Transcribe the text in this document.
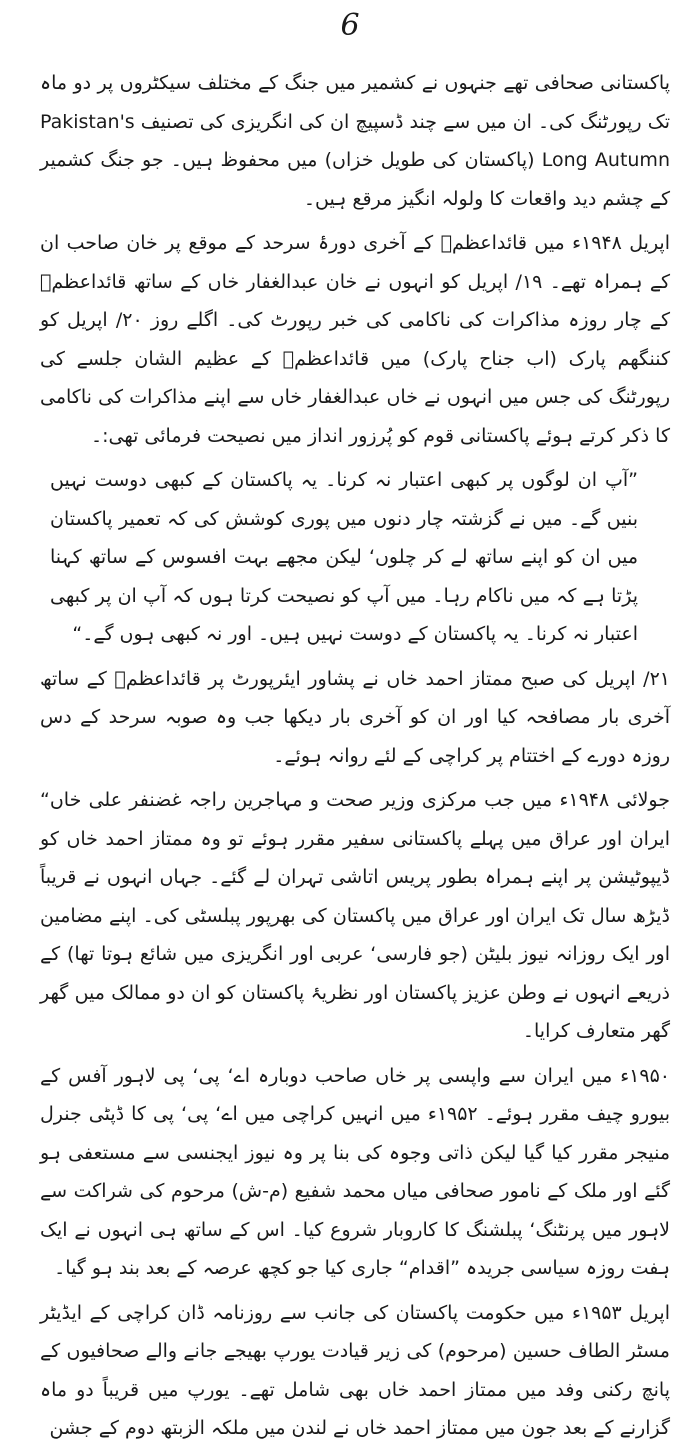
6

پاکستانی صحافی تھے جنہوں نے کشمیر میں جنگ کے مختلف سیکٹروں پر دو ماہ تک رپورٹنگ کی۔ ان میں سے چند ڈسپیچ ان کی انگریزی کی تصنیف Pakistan's Long Autumn (پاکستان کی طویل خزاں) میں محفوظ ہیں۔ جو جنگ کشمیر کے چشم دید واقعات کا ولولہ انگیز مرقع ہیں۔

اپریل ۱۹۴۸ء میں قائداعظمؒ کے آخری دورۂ سرحد کے موقع پر خان صاحب ان کے ہمراہ تھے۔ ۱۹/ اپریل کو انہوں نے خان عبدالغفار خاں کے ساتھ قائداعظمؒ کے چار روزہ مذاکرات کی ناکامی کی خبر رپورٹ کی۔ اگلے روز ۲۰/ اپریل کو کننگھم پارک (اب جناح پارک) میں قائداعظمؒ کے عظیم الشان جلسے کی رپورٹنگ کی جس میں انہوں نے خاں عبدالغفار خاں سے اپنے مذاکرات کی ناکامی کا ذکر کرتے ہوئے پاکستانی قوم کو پُرزور انداز میں نصیحت فرمائی تھی:۔

”آپ ان لوگوں پر کبھی اعتبار نہ کرنا۔ یہ پاکستان کے کبھی دوست نہیں بنیں گے۔ میں نے گزشتہ چار دنوں میں پوری کوشش کی کہ تعمیر پاکستان میں ان کو اپنے ساتھ لے کر چلوں‘ لیکن مجھے بہت افسوس کے ساتھ کہنا پڑتا ہے کہ میں ناکام رہا۔ میں آپ کو نصیحت کرتا ہوں کہ آپ ان پر کبھی اعتبار نہ کرنا۔ یہ پاکستان کے دوست نہیں ہیں۔ اور نہ کبھی ہوں گے۔“

۲۱/ اپریل کی صبح ممتاز احمد خاں نے پشاور ایئرپورٹ پر قائداعظمؒ کے ساتھ آخری بار مصافحہ کیا اور ان کو آخری بار دیکھا جب وہ صوبہ سرحد کے دس روزہ دورے کے اختتام پر کراچی کے لئے روانہ ہوئے۔

جولائی ۱۹۴۸ء میں جب مرکزی وزیر صحت و مہاجرین راجہ غضنفر علی خاں“ ایران اور عراق میں پہلے پاکستانی سفیر مقرر ہوئے تو وہ ممتاز احمد خاں کو ڈیپوٹیشن پر اپنے ہمراہ بطور پریس اتاشی تہران لے گئے۔ جہاں انہوں نے قریباً ڈیڑھ سال تک ایران اور عراق میں پاکستان کی بھرپور پبلسٹی کی۔ اپنے مضامین اور ایک روزانہ نیوز بلیٹن (جو فارسی‘ عربی اور انگریزی میں شائع ہوتا تھا) کے ذریعے انہوں نے وطن عزیز پاکستان اور نظریۂ پاکستان کو ان دو ممالک میں گھر گھر متعارف کرایا۔

۱۹۵۰ء میں ایران سے واپسی پر خاں صاحب دوبارہ اے‘ پی‘ پی لاہور آفس کے بیورو چیف مقرر ہوئے۔ ۱۹۵۲ء میں انہیں کراچی میں اے‘ پی‘ پی کا ڈپٹی جنرل منیجر مقرر کیا گیا لیکن ذاتی وجوہ کی بنا پر وہ نیوز ایجنسی سے مستعفی ہو گئے اور ملک کے نامور صحافی میاں محمد شفیع (م-ش) مرحوم کی شراکت سے لاہور میں پرنٹنگ‘ پبلشنگ کا کاروبار شروع کیا۔ اس کے ساتھ ہی انہوں نے ایک ہفت روزہ سیاسی جریدہ ”اقدام“ جاری کیا جو کچھ عرصہ کے بعد بند ہو گیا۔

اپریل ۱۹۵۳ء میں حکومت پاکستان کی جانب سے روزنامہ ڈان کراچی کے ایڈیٹر مسٹر الطاف حسین (مرحوم) کی زیر قیادت یورپ بھیجے جانے والے صحافیوں کے پانچ رکنی وفد میں ممتاز احمد خاں بھی شامل تھے۔ یورپ میں قریباً دو ماہ گزارنے کے بعد جون میں ممتاز احمد خاں نے لندن میں ملکہ الزبتھ دوم کے جشن
